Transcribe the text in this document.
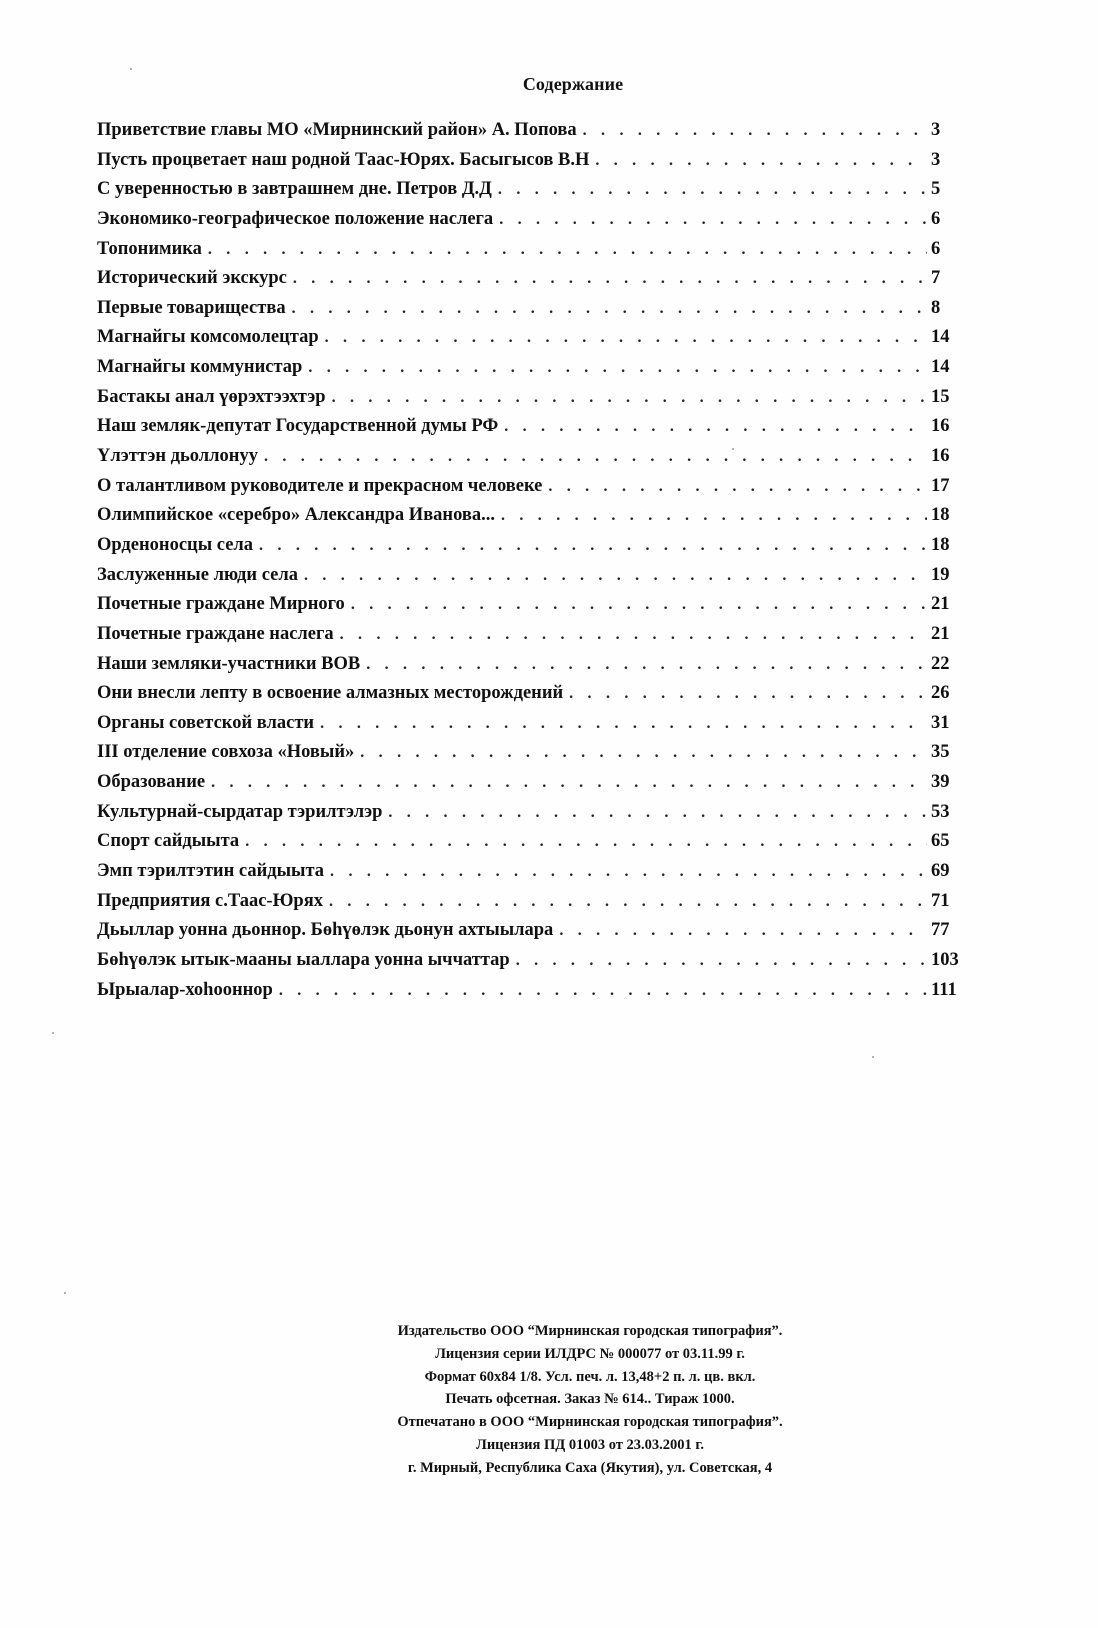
Содержание
Приветствие главы МО «Мирнинский район» А. Попова . . .	3
Пусть процветает наш родной Таас-Юрях. Басыгысов В.Н . . .	3
С уверенностью в завтрашнем дне. Петров Д.Д . . .	5
Экономико-географическое положение наслега . . .	6
Топонимика . . .	6
Исторический экскурс . . .	7
Первые товарищества . . .	8
Магнайгы комсомолецтар . . .	14
Магнайгы коммунистар . . .	14
Бастакы анал үөрэхтээхтэр . . .	15
Наш земляк-депутат Государственной думы РФ . . .	16
Үлэттэн дьоллонуу . . .	16
О талантливом руководителе и прекрасном человеке . . .	17
Олимпийское «серебро» Александра Иванова... . . .	18
Орденоносцы села . . .	18
Заслуженные люди села . . .	19
Почетные граждане Мирного . . .	21
Почетные граждане наслега . . .	21
Наши земляки-участники ВОВ . . .	22
Они внесли лепту в освоение алмазных месторождений . . .	26
Органы советской власти . . .	31
III отделение совхоза «Новый» . . .	35
Образование . . .	39
Культурнай-сырдатар тэрилтэлэр . . .	53
Спорт сайдыыта . . .	65
Эмп тэрилтэтин сайдыыта . . .	69
Предприятия с.Таас-Юрях . . .	71
Дьыллар уонна дьоннор. Бөһүөлэк дьонун ахтыылара . . .	77
Бөһүөлэк ытык-мааны ыаллара уонна ыччаттар . . .	103
Ырыалар-хоһооннор . . .	111
Издательство ООО “Мирнинская городская типография”.
Лицензия серии ИЛДРС № 000077 от 03.11.99 г.
Формат 60x84 1/8. Усл. печ. л. 13,48+2 п. л. цв. вкл.
Печать офсетная. Заказ № 614.. Тираж 1000.
Отпечатано в ООО “Мирнинская городская типография”.
Лицензия ПД 01003 от 23.03.2001 г.
г. Мирный, Республика Саха (Якутия), ул. Советская, 4
